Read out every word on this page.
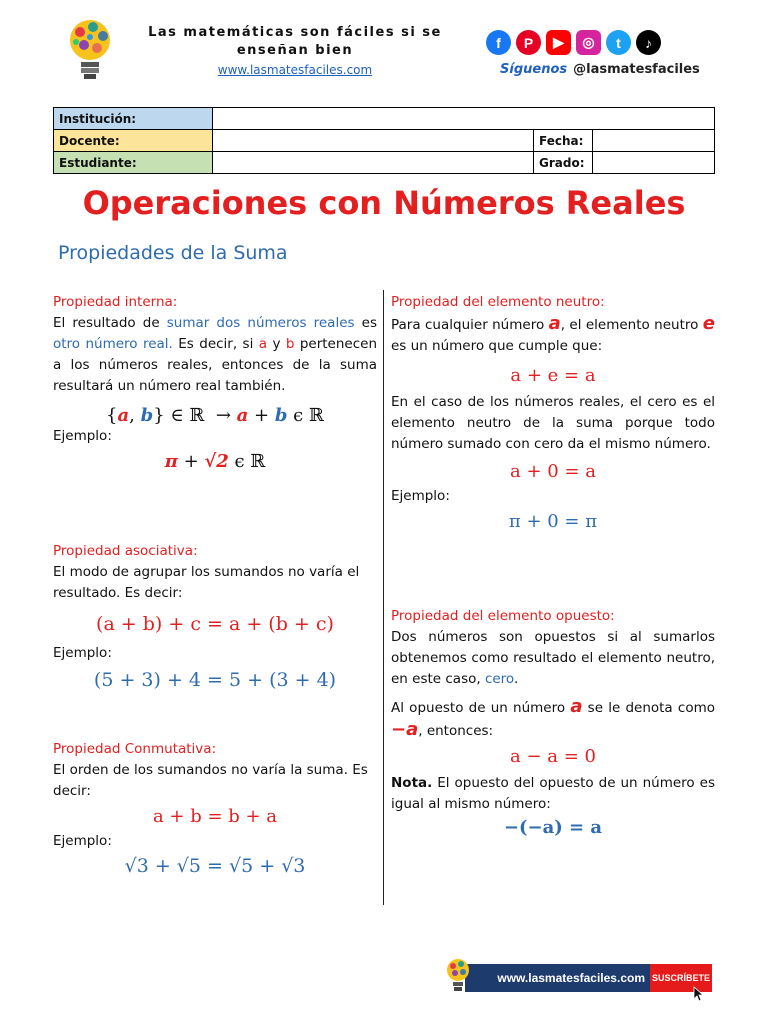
Las matemáticas son fáciles si se enseñan bien
www.lasmatesfaciles.com
f	P	▶	◎	t	♪
Síguenos @lasmatesfaciles
Institución:			
Docente:		Fecha:	
Estudiante:		Grado:	
Operaciones con Números Reales
Propiedades de la Suma
Propiedad interna:
El resultado de sumar dos números reales es otro número real. Es decir, si a y b pertenecen a los números reales, entonces de la suma resultará un número real también.
{a, b} ∈ ℝ  → a + b ϵ ℝ
Ejemplo:
π + √2 ϵ ℝ
Propiedad asociativa:
El modo de agrupar los sumandos no varía el resultado. Es decir:
(a + b) + c = a + (b + c)
Ejemplo:
(5 + 3) + 4 = 5 + (3 + 4)
Propiedad Conmutativa:
El orden de los sumandos no varía la suma. Es decir:
a + b = b + a
Ejemplo:
√3 + √5 = √5 + √3
Propiedad del elemento neutro:
Para cualquier número a, el elemento neutro e es un número que cumple que:
a + e = a
En el caso de los números reales, el cero es el elemento neutro de la suma porque todo número sumado con cero da el mismo número.
a + 0 = a
Ejemplo:
π + 0 = π
Propiedad del elemento opuesto:
Dos números son opuestos si al sumarlos obtenemos como resultado el elemento neutro, en este caso, cero.
Al opuesto de un número a se le denota como −a, entonces:
a − a = 0
Nota. El opuesto del opuesto de un número es igual al mismo número:
−(−a) = a
www.lasmatesfaciles.com SUSCRÍBETE
